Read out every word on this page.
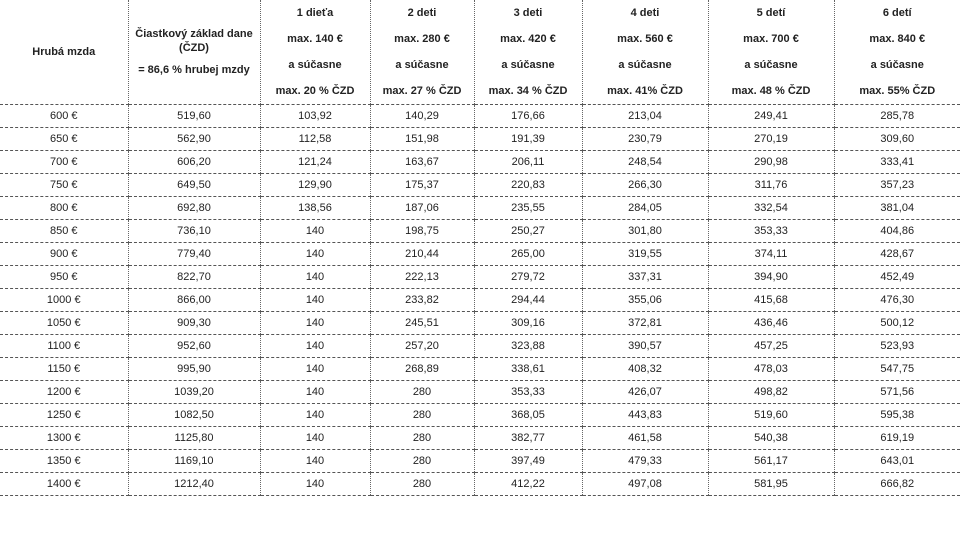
Hrubá mzda	Čiastkový základ dane
(ČZD)
= 86,6 % hrubej mzdy	1 dieťa
max. 140 €
a súčasne
max. 20 % ČZD	2 deti
max. 280 €
a súčasne
max. 27 % ČZD	3 deti
max. 420 €
a súčasne
max. 34 % ČZD	4 deti
max. 560 €
a súčasne
max. 41% ČZD	5 detí
max. 700 €
a súčasne
max. 48 % ČZD	6 detí
max. 840 €
a súčasne
max. 55% ČZD

600 €	519,60	103,92	140,29	176,66	213,04	249,41	285,78
650 €	562,90	112,58	151,98	191,39	230,79	270,19	309,60
700 €	606,20	121,24	163,67	206,11	248,54	290,98	333,41
750 €	649,50	129,90	175,37	220,83	266,30	311,76	357,23
800 €	692,80	138,56	187,06	235,55	284,05	332,54	381,04
850 €	736,10	140	198,75	250,27	301,80	353,33	404,86
900 €	779,40	140	210,44	265,00	319,55	374,11	428,67
950 €	822,70	140	222,13	279,72	337,31	394,90	452,49
1000 €	866,00	140	233,82	294,44	355,06	415,68	476,30
1050 €	909,30	140	245,51	309,16	372,81	436,46	500,12
1100 €	952,60	140	257,20	323,88	390,57	457,25	523,93
1150 €	995,90	140	268,89	338,61	408,32	478,03	547,75
1200 €	1039,20	140	280	353,33	426,07	498,82	571,56
1250 €	1082,50	140	280	368,05	443,83	519,60	595,38
1300 €	1125,80	140	280	382,77	461,58	540,38	619,19
1350 €	1169,10	140	280	397,49	479,33	561,17	643,01
1400 €	1212,40	140	280	412,22	497,08	581,95	666,82
